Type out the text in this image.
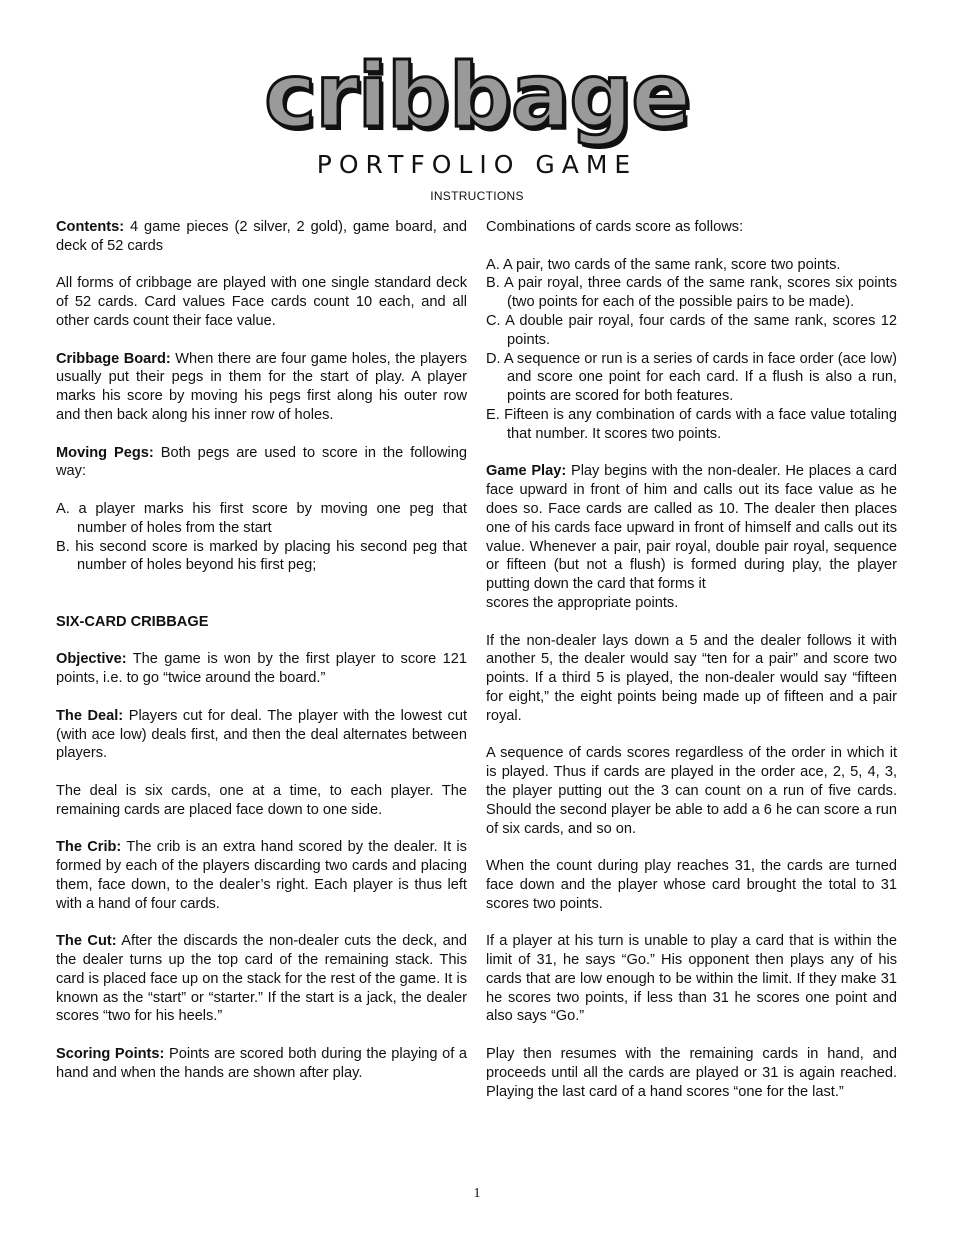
cribbage
PORTFOLIO GAME
INSTRUCTIONS

Contents: 4 game pieces (2 silver, 2 gold), game board, and deck of 52 cards

All forms of cribbage are played with one single standard deck of 52 cards. Card values Face cards count 10 each, and all other cards count their face value.

Cribbage Board: When there are four game holes, the players usually put their pegs in them for the start of play. A player marks his score by moving his pegs first along his outer row and then back along his inner row of holes.

Moving Pegs: Both pegs are used to score in the following way:

A. a player marks his first score by moving one peg that number of holes from the start
B. his second score is marked by placing his second peg that number of holes beyond his first peg;

SIX-CARD CRIBBAGE

Objective: The game is won by the first player to score 121 points, i.e. to go “twice around the board.”

The Deal: Players cut for deal. The player with the lowest cut (with ace low) deals first, and then the deal alternates between players.

The deal is six cards, one at a time, to each player. The remaining cards are placed face down to one side.

The Crib: The crib is an extra hand scored by the dealer. It is formed by each of the players discarding two cards and placing them, face down, to the dealer’s right. Each player is thus left with a hand of four cards.

The Cut: After the discards the non-dealer cuts the deck, and the dealer turns up the top card of the remaining stack. This card is placed face up on the stack for the rest of the game. It is known as the “start” or “starter.” If the start is a jack, the dealer scores “two for his heels.”

Scoring Points: Points are scored both during the playing of a hand and when the hands are shown after play.

Combinations of cards score as follows:

A. A pair, two cards of the same rank, score two points.
B. A pair royal, three cards of the same rank, scores six points (two points for each of the possible pairs to be made).
C. A double pair royal, four cards of the same rank, scores 12 points.
D. A sequence or run is a series of cards in face order (ace low) and score one point for each card. If a flush is also a run, points are scored for both features.
E. Fifteen is any combination of cards with a face value totaling that number. It scores two points.

Game Play: Play begins with the non-dealer. He places a card face upward in front of him and calls out its face value as he does so. Face cards are called as 10. The dealer then places one of his cards face upward in front of himself and calls out its value. Whenever a pair, pair royal, double pair royal, sequence or fifteen (but not a flush) is formed during play, the player putting down the card that forms it

scores the appropriate points.

If the non-dealer lays down a 5 and the dealer follows it with another 5, the dealer would say “ten for a pair” and score two points. If a third 5 is played, the non-dealer would say “fifteen for eight,” the eight points being made up of fifteen and a pair royal.

A sequence of cards scores regardless of the order in which it is played. Thus if cards are played in the order ace, 2, 5, 4, 3, the player putting out the 3 can count on a run of five cards. Should the second player be able to add a 6 he can score a run of six cards, and so on.

When the count during play reaches 31, the cards are turned face down and the player whose card brought the total to 31 scores two points.

If a player at his turn is unable to play a card that is within the limit of 31, he says “Go.” His opponent then plays any of his cards that are low enough to be within the limit. If they make 31 he scores two points, if less than 31 he scores one point and also says “Go.”

Play then resumes with the remaining cards in hand, and proceeds until all the cards are played or 31 is again reached. Playing the last card of a hand scores “one for the last.”

1
